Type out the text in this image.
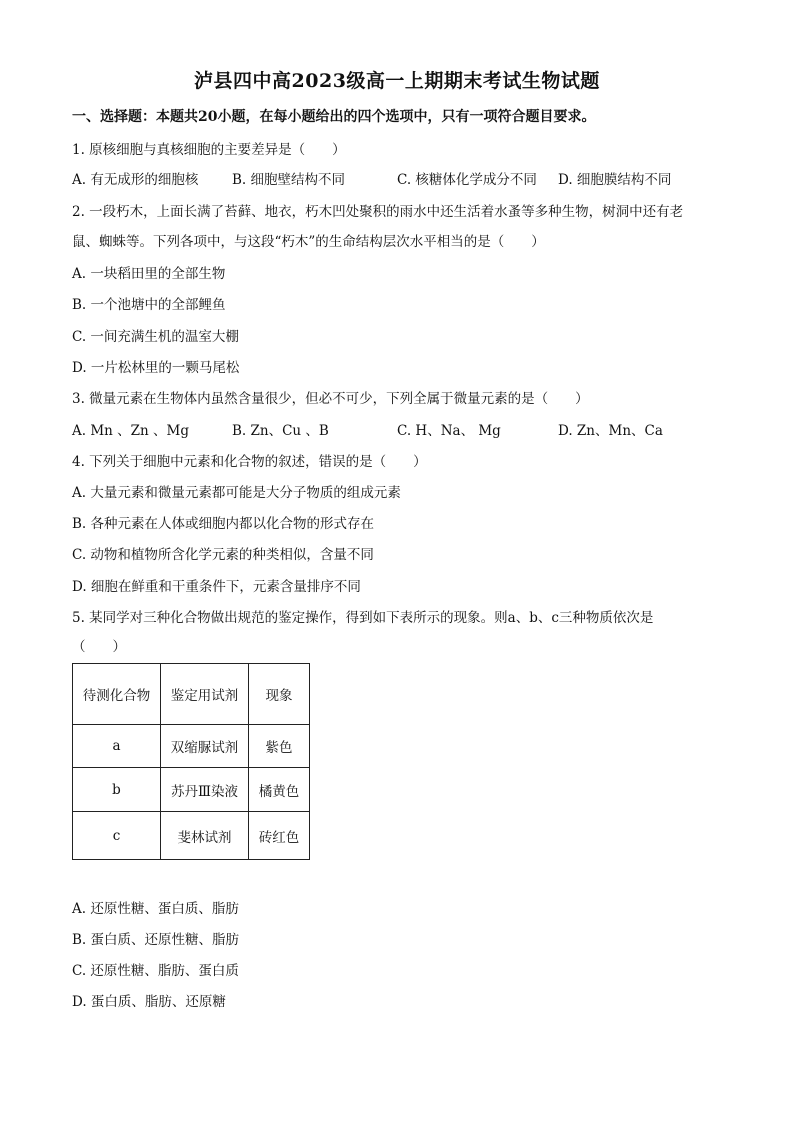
泸县四中高2023级高一上期期末考试生物试题
一、选择题：本题共20小题，在每小题给出的四个选项中，只有一项符合题目要求。
1. 原核细胞与真核细胞的主要差异是（　　）
A. 有无成形的细胞核 B. 细胞壁结构不同	C. 核糖体化学成分不同 D. 细胞膜结构不同
2. 一段朽木，上面长满了苔藓、地衣，朽木凹处聚积的雨水中还生活着水蚤等多种生物，树洞中还有老
鼠、蜘蛛等。下列各项中，与这段“朽木”的生命结构层次水平相当的是（　　）
A. 一块稻田里的全部生物
B. 一个池塘中的全部鲤鱼
C. 一间充满生机的温室大棚
D. 一片松林里的一颗马尾松
3. 微量元素在生物体内虽然含量很少，但必不可少，下列全属于微量元素的是（　　）
A. Mn 、Zn 、Mg	B. Zn、Cu 、B	C. H、Na、 Mg	D. Zn、Mn、Ca
4. 下列关于细胞中元素和化合物的叙述，错误的是（　　）
A. 大量元素和微量元素都可能是大分子物质的组成元素
B. 各种元素在人体或细胞内都以化合物的形式存在
C. 动物和植物所含化学元素的种类相似，含量不同
D. 细胞在鲜重和干重条件下，元素含量排序不同
5. 某同学对三种化合物做出规范的鉴定操作，得到如下表所示的现象。则a、b、c三种物质依次是
（　　）
待测化合物	鉴定用试剂	现象
a	双缩脲试剂	紫色
b	苏丹Ⅲ染液	橘黄色
c	斐林试剂	砖红色
A. 还原性糖、蛋白质、脂肪
B. 蛋白质、还原性糖、脂肪
C. 还原性糖、脂肪、蛋白质
D. 蛋白质、脂肪、还原糖
